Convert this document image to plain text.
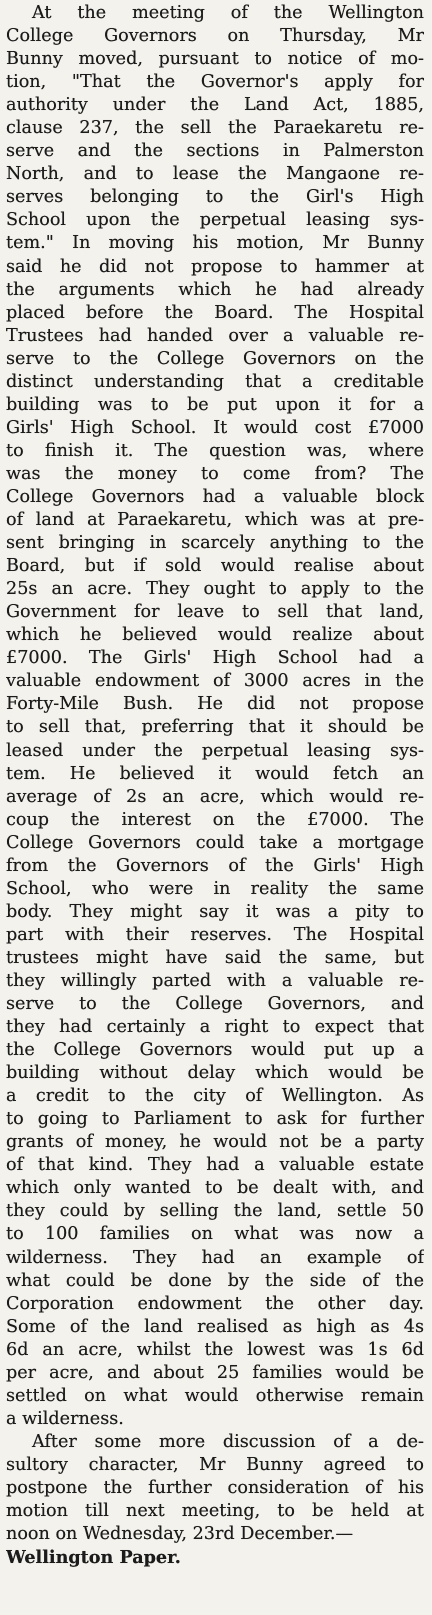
At the meeting of the Wellington
College Governors on Thursday, Mr
Bunny moved, pursuant to notice of mo-
tion, "That the Governor's apply for
authority under the Land Act, 1885,
clause 237, the sell the Paraekaretu re-
serve and the sections in Palmerston
North, and to lease the Mangaone re-
serves belonging to the Girl's High
School upon the perpetual leasing sys-
tem." In moving his motion, Mr Bunny
said he did not propose to hammer at
the arguments which he had already
placed before the Board. The Hospital
Trustees had handed over a valuable re-
serve to the College Governors on the
distinct understanding that a creditable
building was to be put upon it for a
Girls' High School. It would cost £7000
to finish it. The question was, where
was the money to come from? The
College Governors had a valuable block
of land at Paraekaretu, which was at pre-
sent bringing in scarcely anything to the
Board, but if sold would realise about
25s an acre. They ought to apply to the
Government for leave to sell that land,
which he believed would realize about
£7000. The Girls' High School had a
valuable endowment of 3000 acres in the
Forty-Mile Bush. He did not propose
to sell that, preferring that it should be
leased under the perpetual leasing sys-
tem. He believed it would fetch an
average of 2s an acre, which would re-
coup the interest on the £7000. The
College Governors could take a mortgage
from the Governors of the Girls' High
School, who were in reality the same
body. They might say it was a pity to
part with their reserves. The Hospital
trustees might have said the same, but
they willingly parted with a valuable re-
serve to the College Governors, and
they had certainly a right to expect that
the College Governors would put up a
building without delay which would be
a credit to the city of Wellington. As
to going to Parliament to ask for further
grants of money, he would not be a party
of that kind. They had a valuable estate
which only wanted to be dealt with, and
they could by selling the land, settle 50
to 100 families on what was now a
wilderness. They had an example of
what could be done by the side of the
Corporation endowment the other day.
Some of the land realised as high as 4s
6d an acre, whilst the lowest was 1s 6d
per acre, and about 25 families would be
settled on what would otherwise remain
a wilderness.
After some more discussion of a de-
sultory character, Mr Bunny agreed to
postpone the further consideration of his
motion till next meeting, to be held at
noon on Wednesday, 23rd December.—
Wellington Paper.
